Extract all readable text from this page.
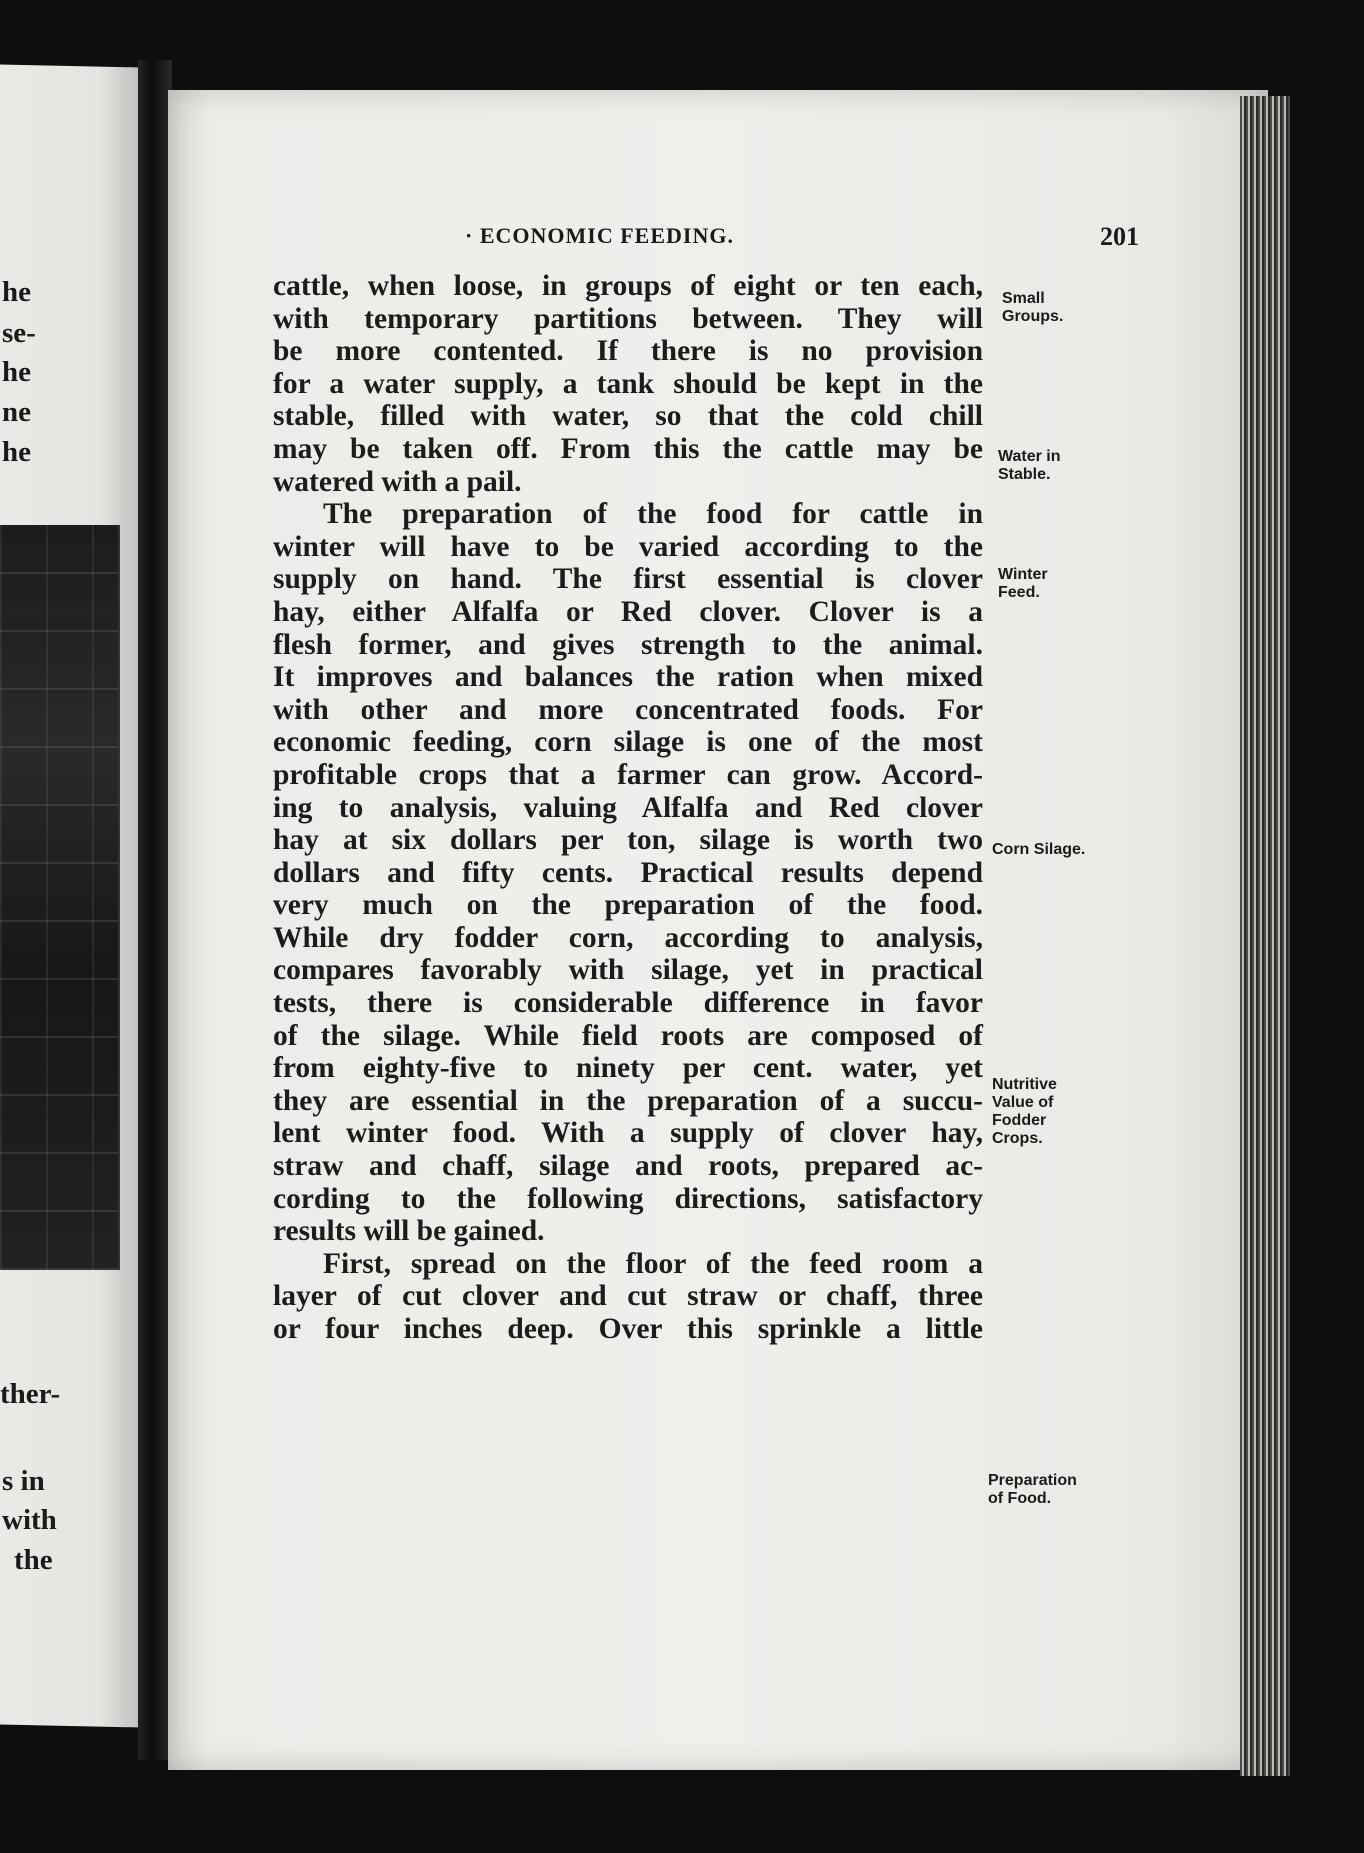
he
se-
he
ne
he
ther-
s in
with
the
· ECONOMIC FEEDING.	201
cattle, when loose, in groups of eight or ten each,
with temporary partitions between. They will
be more contented. If there is no provision
for a water supply, a tank should be kept in the
stable, filled with water, so that the cold chill
may be taken off. From this the cattle may be
watered with a pail.
The preparation of the food for cattle in
winter will have to be varied according to the
supply on hand. The first essential is clover
hay, either Alfalfa or Red clover. Clover is a
flesh former, and gives strength to the animal.
It improves and balances the ration when mixed
with other and more concentrated foods. For
economic feeding, corn silage is one of the most
profitable crops that a farmer can grow. Accord-
ing to analysis, valuing Alfalfa and Red clover
hay at six dollars per ton, silage is worth two
dollars and fifty cents. Practical results depend
very much on the preparation of the food.
While dry fodder corn, according to analysis,
compares favorably with silage, yet in practical
tests, there is considerable difference in favor
of the silage. While field roots are composed of
from eighty-five to ninety per cent. water, yet
they are essential in the preparation of a succu-
lent winter food. With a supply of clover hay,
straw and chaff, silage and roots, prepared ac-
cording to the following directions, satisfactory
results will be gained.
First, spread on the floor of the feed room a
layer of cut clover and cut straw or chaff, three
or four inches deep. Over this sprinkle a little
Small
Groups.
Water in
Stable.
Winter
Feed.
Corn Silage.
Nutritive
Value of
Fodder
Crops.
Preparation
of Food.
